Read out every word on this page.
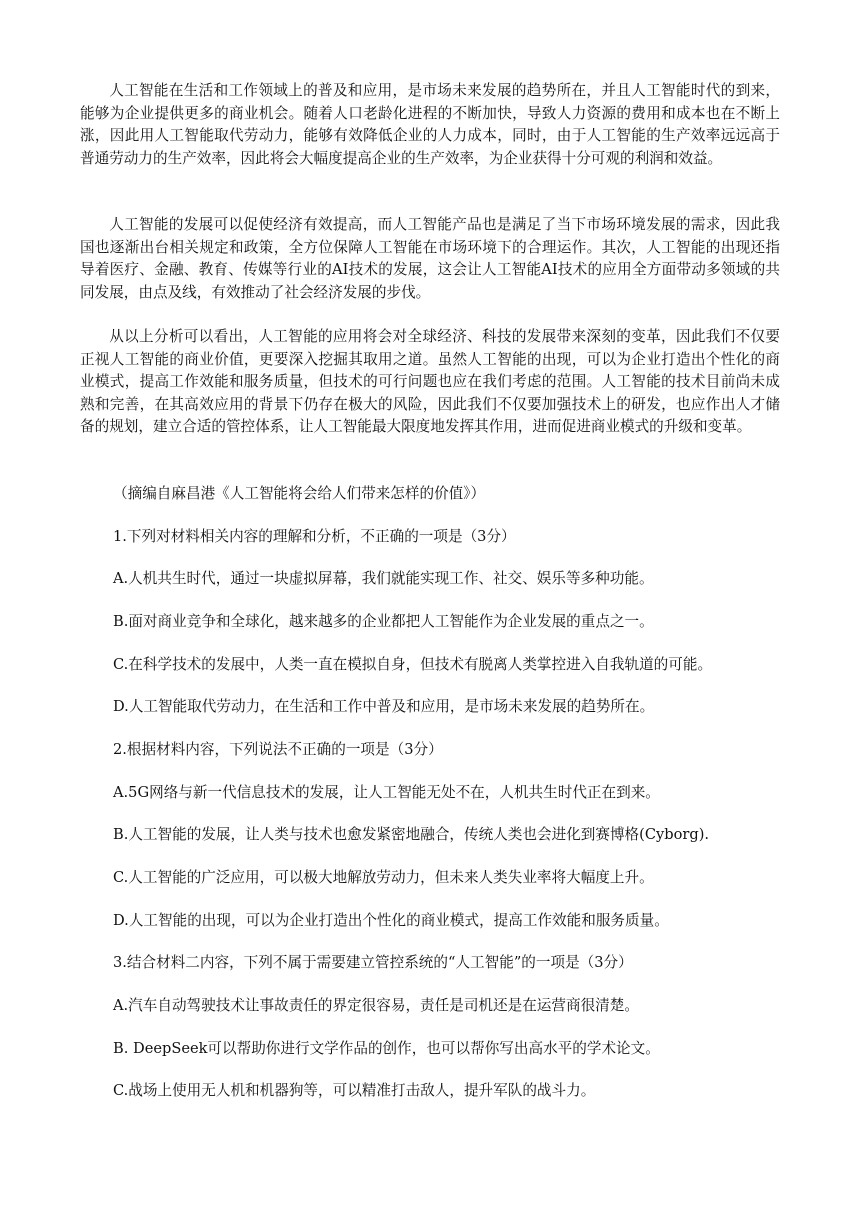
人工智能在生活和工作领域上的普及和应用，是市场未来发展的趋势所在，并且人工智能时代的到来，能够为企业提供更多的商业机会。随着人口老龄化进程的不断加快，导致人力资源的费用和成本也在不断上涨，因此用人工智能取代劳动力，能够有效降低企业的人力成本，同时，由于人工智能的生产效率远远高于普通劳动力的生产效率，因此将会大幅度提高企业的生产效率，为企业获得十分可观的利润和效益。

人工智能的发展可以促使经济有效提高，而人工智能产品也是满足了当下市场环境发展的需求，因此我国也逐渐出台相关规定和政策，全方位保障人工智能在市场环境下的合理运作。其次，人工智能的出现还指导着医疗、金融、教育、传媒等行业的AI技术的发展，这会让人工智能AI技术的应用全方面带动多领域的共同发展，由点及线，有效推动了社会经济发展的步伐。

从以上分析可以看出，人工智能的应用将会对全球经济、科技的发展带来深刻的变革，因此我们不仅要正视人工智能的商业价值，更要深入挖掘其取用之道。虽然人工智能的出现，可以为企业打造出个性化的商业模式，提高工作效能和服务质量，但技术的可行问题也应在我们考虑的范围。人工智能的技术目前尚未成熟和完善，在其高效应用的背景下仍存在极大的风险，因此我们不仅要加强技术上的研发，也应作出人才储备的规划，建立合适的管控体系，让人工智能最大限度地发挥其作用，进而促进商业模式的升级和变革。

（摘编自麻昌港《人工智能将会给人们带来怎样的价值》）

1.下列对材料相关内容的理解和分析，不正确的一项是（3分）

A.人机共生时代，通过一块虚拟屏幕，我们就能实现工作、社交、娱乐等多种功能。

B.面对商业竞争和全球化，越来越多的企业都把人工智能作为企业发展的重点之一。

C.在科学技术的发展中，人类一直在模拟自身，但技术有脱离人类掌控进入自我轨道的可能。

D.人工智能取代劳动力，在生活和工作中普及和应用，是市场未来发展的趋势所在。

2.根据材料内容，下列说法不正确的一项是（3分）

A.5G网络与新一代信息技术的发展，让人工智能无处不在，人机共生时代正在到来。

B.人工智能的发展，让人类与技术也愈发紧密地融合，传统人类也会进化到赛博格(Cyborg).

C.人工智能的广泛应用，可以极大地解放劳动力，但未来人类失业率将大幅度上升。

D.人工智能的出现，可以为企业打造出个性化的商业模式，提高工作效能和服务质量。

3.结合材料二内容，下列不属于需要建立管控系统的“人工智能”的一项是（3分）

A.汽车自动驾驶技术让事故责任的界定很容易，责任是司机还是在运营商很清楚。

B. DeepSeek可以帮助你进行文学作品的创作，也可以帮你写出高水平的学术论文。

C.战场上使用无人机和机器狗等，可以精准打击敌人，提升军队的战斗力。
